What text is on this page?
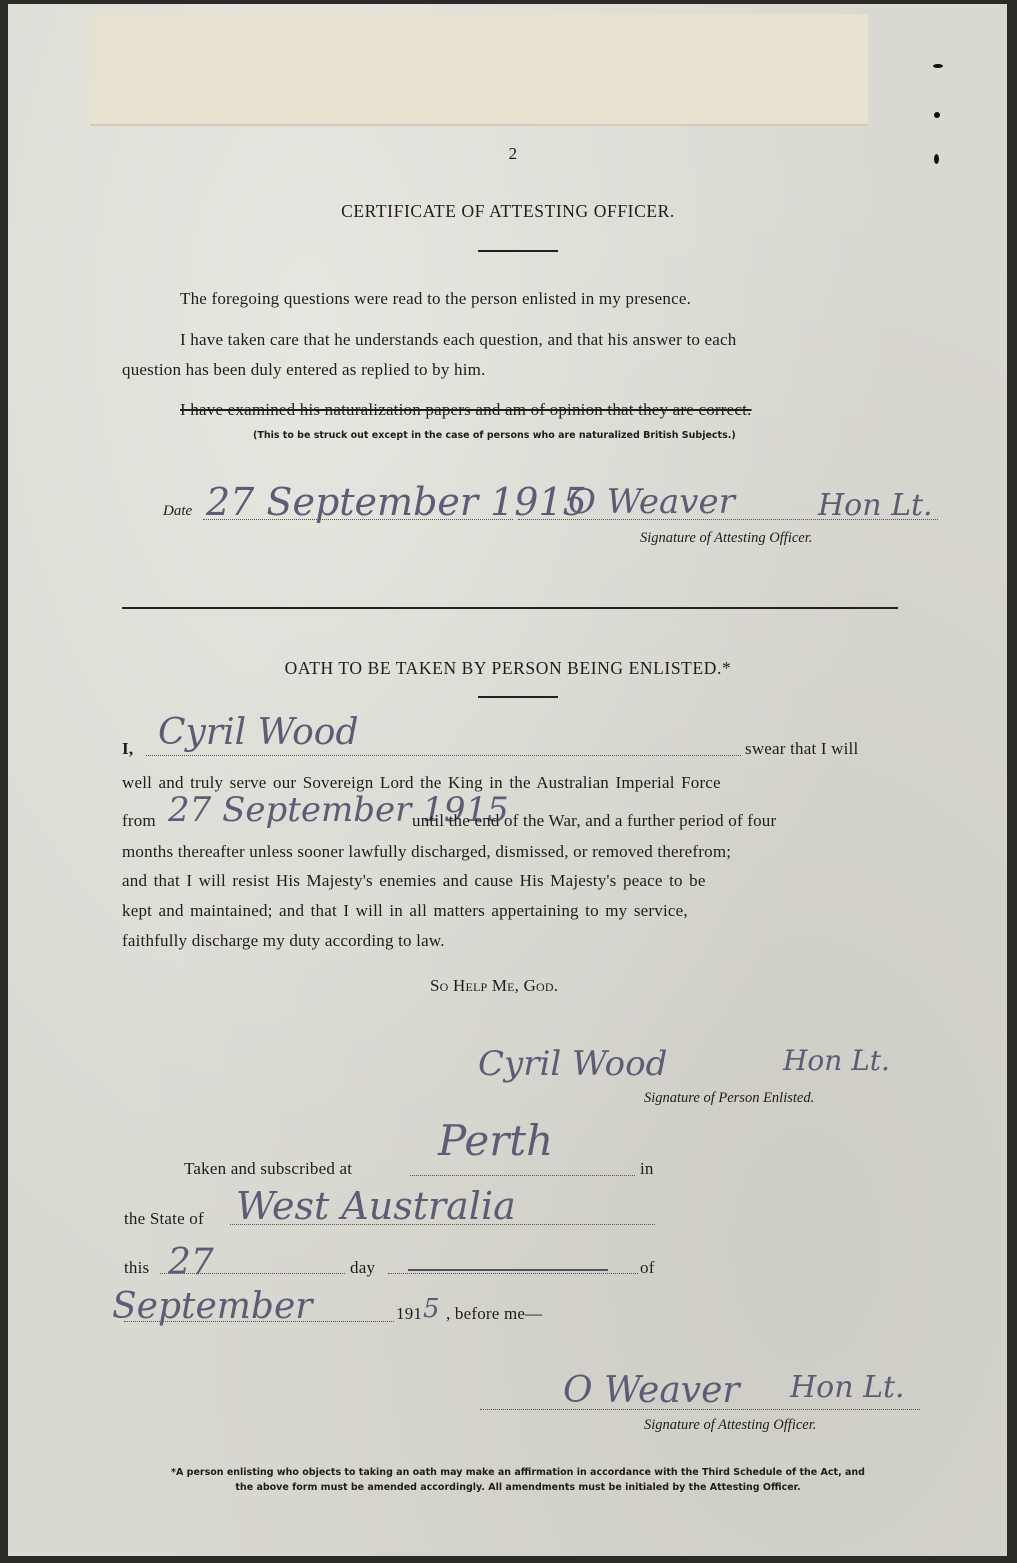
2
CERTIFICATE OF ATTESTING OFFICER.
The foregoing questions were read to the person enlisted in my presence.
I have taken care that he understands each question, and that his answer to each
question has been duly entered as replied to by him.
I have examined his naturalization papers and am of opinion that they are correct.
(This to be struck out except in the case of persons who are naturalized British Subjects.)
Date 27 September 1915
O Weaver	Hon Lt.
Signature of Attesting Officer.
OATH TO BE TAKEN BY PERSON BEING ENLISTED.*
I, Cyril Wood	swear that I will
well and truly serve our Sovereign Lord the King in the Australian Imperial Force
from 27 September 1915
until the end of the War, and a further period of four
months thereafter unless sooner lawfully discharged, dismissed, or removed therefrom;
and that I will resist His Majesty's enemies and cause His Majesty's peace to be
kept and maintained; and that I will in all matters appertaining to my service,
faithfully discharge my duty according to law.
So Help Me, God.
Cyril Wood	Hon Lt.
Signature of Person Enlisted.
Taken and subscribed at
Perth
in
the State of West Australia
this 27	day	of
September	191 5 , before me—
O Weaver Hon Lt.
Signature of Attesting Officer.
*A person enlisting who objects to taking an oath may make an affirmation in accordance with the Third Schedule of the Act, and
the above form must be amended accordingly. All amendments must be initialed by the Attesting Officer.
